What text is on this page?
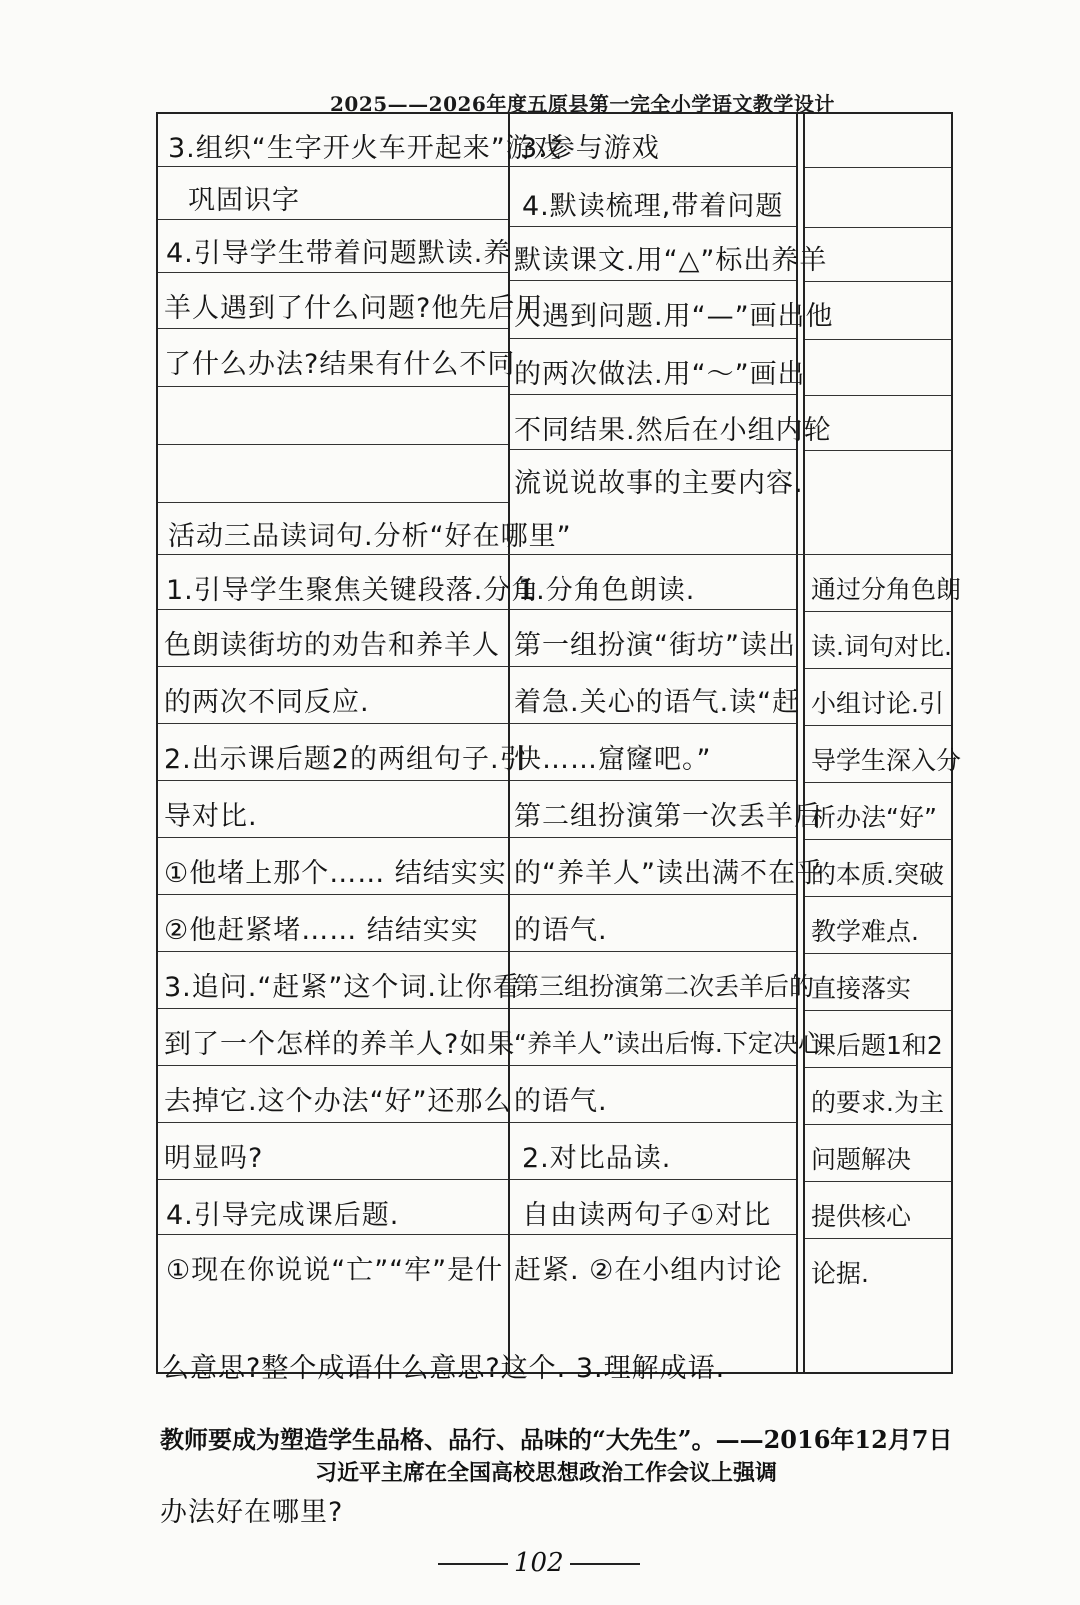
2025——2026年度五原县第一完全小学语文教学设计
3.组织“生字开火车开起来”游戏
巩固识字
4.引导学生带着问题默读.养
羊人遇到了什么问题?他先后用
了什么办法?结果有什么不同
活动三品读词句.分析“好在哪里”
1.引导学生聚焦关键段落.分角
色朗读街坊的劝告和养羊人
的两次不同反应.
2.出示课后题2的两组句子.引
导对比.
①他堵上那个…… 结结实实
②他赶紧堵…… 结结实实
3.追问.“赶紧”这个词.让你看
到了一个怎样的养羊人?如果
去掉它.这个办法“好”还那么
明显吗?
4.引导完成课后题.
①现在你说说“亡”“牢”是什
3.参与游戏
4.默读梳理,带着问题
默读课文.用“△”标出养羊
人遇到问题.用“—”画出他
的两次做法.用“～”画出
不同结果.然后在小组内轮
流说说故事的主要内容.
1.分角色朗读.
第一组扮演“街坊”读出
着急.关心的语气.读“赶
快……窟窿吧。”
第二组扮演第一次丢羊后
的“养羊人”读出满不在乎
的语气.
第三组扮演第二次丢羊后的
“养羊人”读出后悔.下定决心
的语气.
2.对比品读.
自由读两句子①对比
赶紧. ②在小组内讨论
通过分角色朗
读.词句对比.
小组讨论.引
导学生深入分
析办法“好”
的本质.突破
教学难点.
直接落实
课后题1和2
的要求.为主
问题解决
提供核心
论据.
么意思?整个成语什么意思?这个. 3.理解成语.
教师要成为塑造学生品格、品行、品味的“大先生”。——2016年12月7日
习近平主席在全国高校思想政治工作会议上强调
办法好在哪里?
102
